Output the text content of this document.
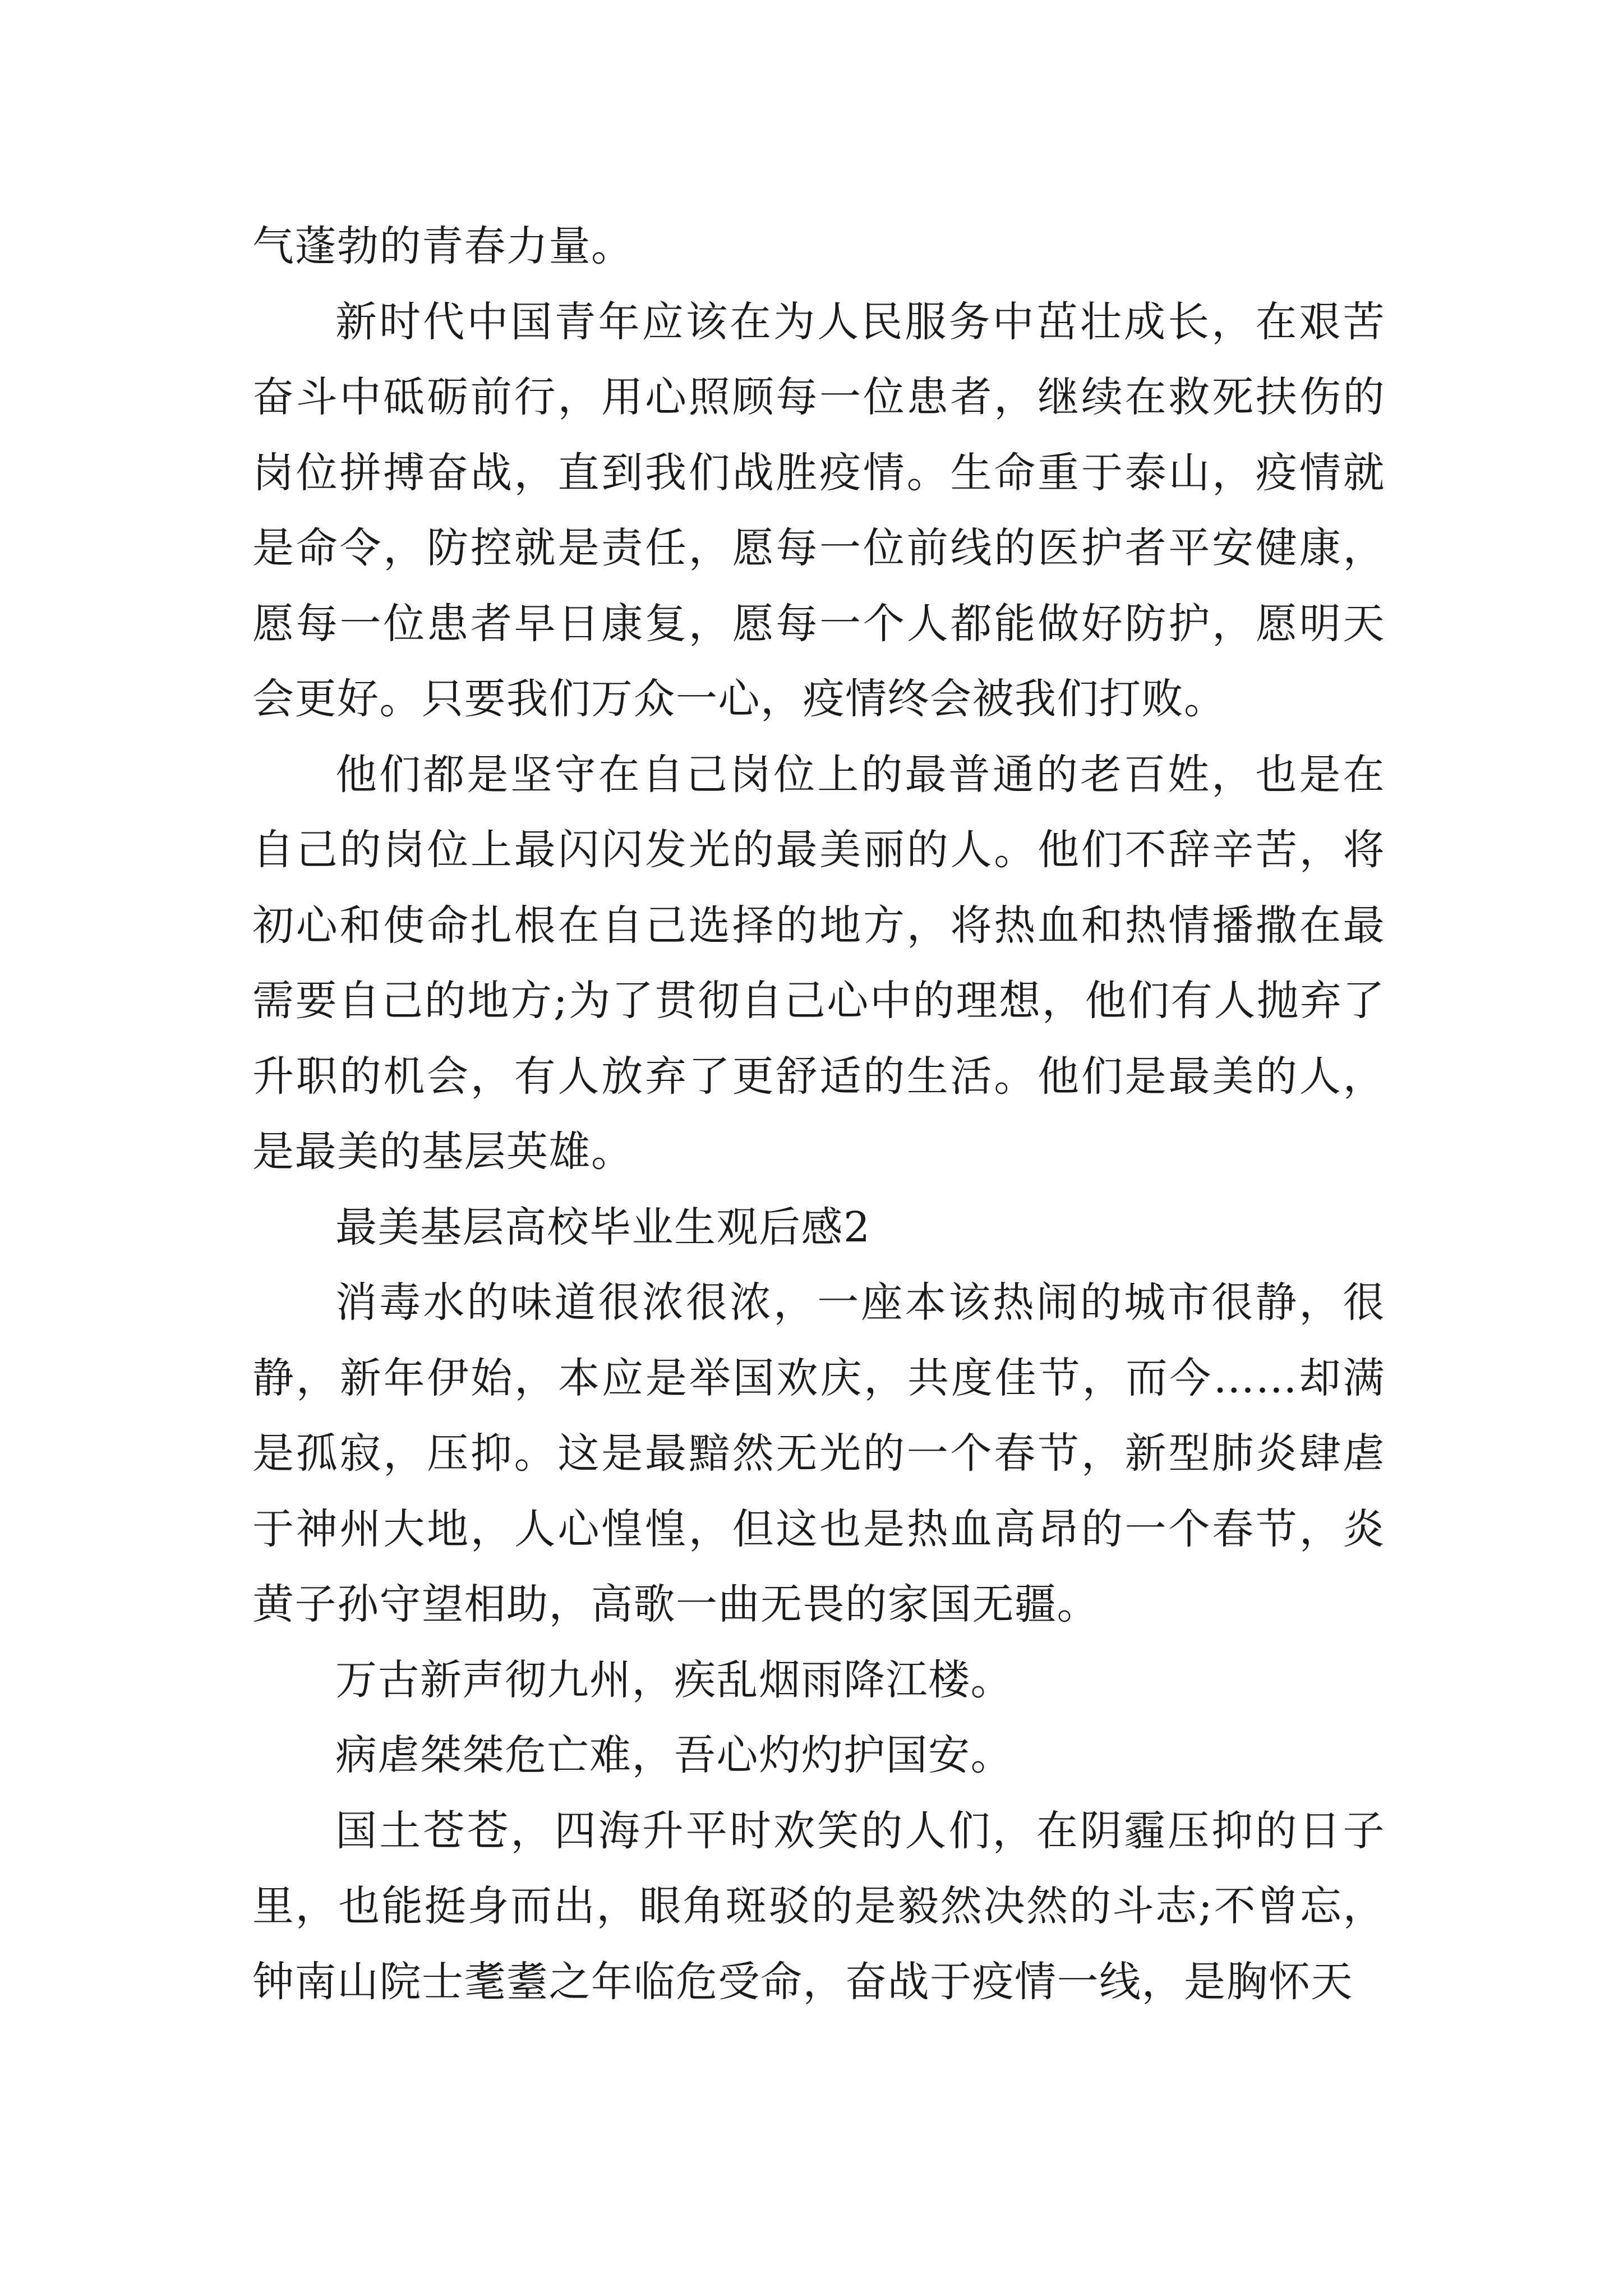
气蓬勃的青春力量。

新时代中国青年应该在为人民服务中茁壮成长，在艰苦奋斗中砥砺前行，用心照顾每一位患者，继续在救死扶伤的岗位拼搏奋战，直到我们战胜疫情。生命重于泰山，疫情就是命令，防控就是责任，愿每一位前线的医护者平安健康，愿每一位患者早日康复，愿每一个人都能做好防护，愿明天会更好。只要我们万众一心，疫情终会被我们打败。

他们都是坚守在自己岗位上的最普通的老百姓，也是在自己的岗位上最闪闪发光的最美丽的人。他们不辞辛苦，将初心和使命扎根在自己选择的地方，将热血和热情播撒在最需要自己的地方;为了贯彻自己心中的理想，他们有人抛弃了升职的机会，有人放弃了更舒适的生活。他们是最美的人，是最美的基层英雄。

最美基层高校毕业生观后感2

消毒水的味道很浓很浓，一座本该热闹的城市很静，很静，新年伊始，本应是举国欢庆，共度佳节，而今……却满是孤寂，压抑。这是最黯然无光的一个春节，新型肺炎肆虐于神州大地，人心惶惶，但这也是热血高昂的一个春节，炎黄子孙守望相助，高歌一曲无畏的家国无疆。

万古新声彻九州，疾乱烟雨降江楼。

病虐桀桀危亡难，吾心灼灼护国安。

国土苍苍，四海升平时欢笑的人们，在阴霾压抑的日子里，也能挺身而出，眼角斑驳的是毅然决然的斗志;不曾忘，钟南山院士耄耋之年临危受命，奋战于疫情一线，是胸怀天
